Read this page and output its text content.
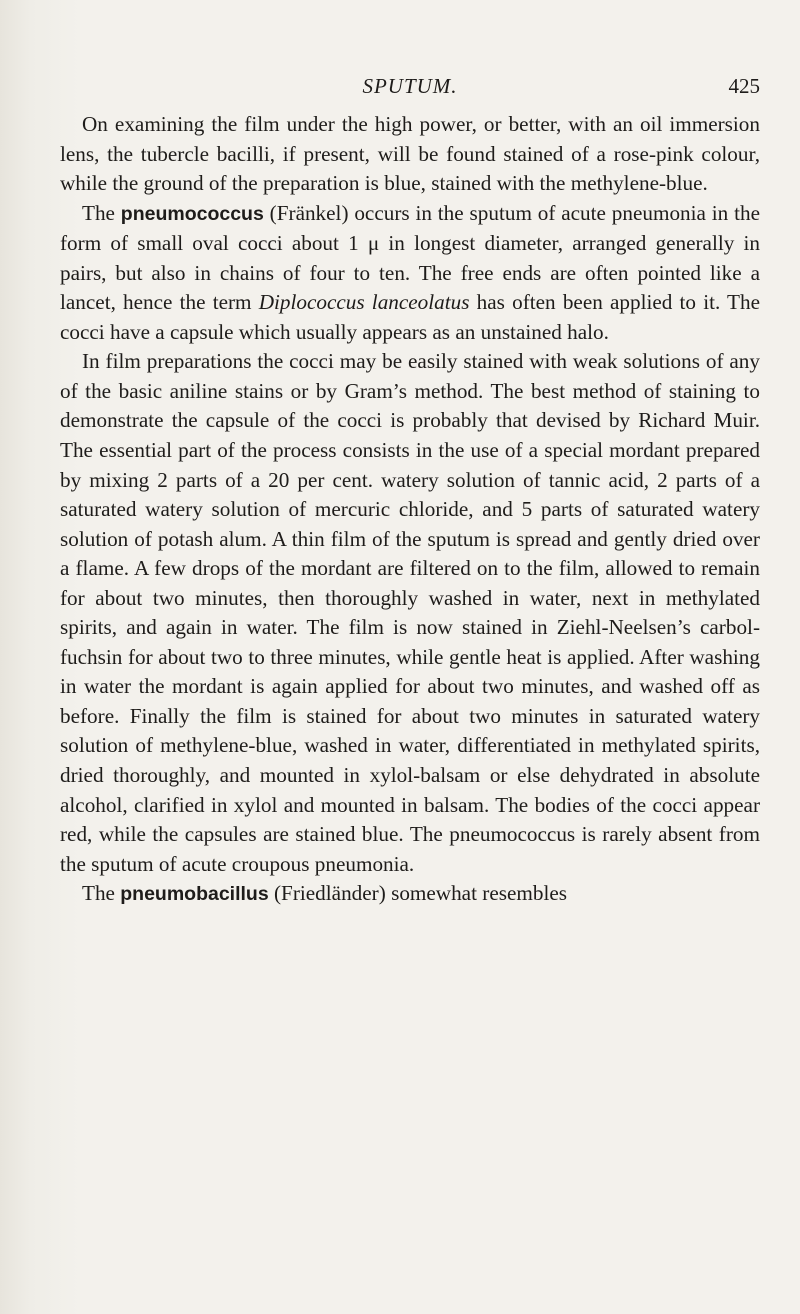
SPUTUM.	425

On examining the film under the high power, or better, with an oil immersion lens, the tubercle bacilli, if present, will be found stained of a rose-pink colour, while the ground of the preparation is blue, stained with the methylene-blue.

The pneumococcus (Fränkel) occurs in the sputum of acute pneumonia in the form of small oval cocci about 1 μ in longest diameter, arranged generally in pairs, but also in chains of four to ten. The free ends are often pointed like a lancet, hence the term Diplococcus lanceolatus has often been applied to it. The cocci have a capsule which usually appears as an unstained halo.

In film preparations the cocci may be easily stained with weak solutions of any of the basic aniline stains or by Gram’s method. The best method of staining to demonstrate the capsule of the cocci is probably that devised by Richard Muir. The essential part of the process consists in the use of a special mordant prepared by mixing 2 parts of a 20 per cent. watery solution of tannic acid, 2 parts of a saturated watery solution of mercuric chloride, and 5 parts of saturated watery solution of potash alum. A thin film of the sputum is spread and gently dried over a flame. A few drops of the mordant are filtered on to the film, allowed to remain for about two minutes, then thoroughly washed in water, next in methylated spirits, and again in water. The film is now stained in Ziehl-Neelsen’s carbol-fuchsin for about two to three minutes, while gentle heat is applied. After washing in water the mordant is again applied for about two minutes, and washed off as before. Finally the film is stained for about two minutes in saturated watery solution of methylene-blue, washed in water, differentiated in methylated spirits, dried thoroughly, and mounted in xylol-balsam or else dehydrated in absolute alcohol, clarified in xylol and mounted in balsam. The bodies of the cocci appear red, while the capsules are stained blue. The pneumococcus is rarely absent from the sputum of acute croupous pneumonia.

The pneumobacillus (Friedländer) somewhat resembles
